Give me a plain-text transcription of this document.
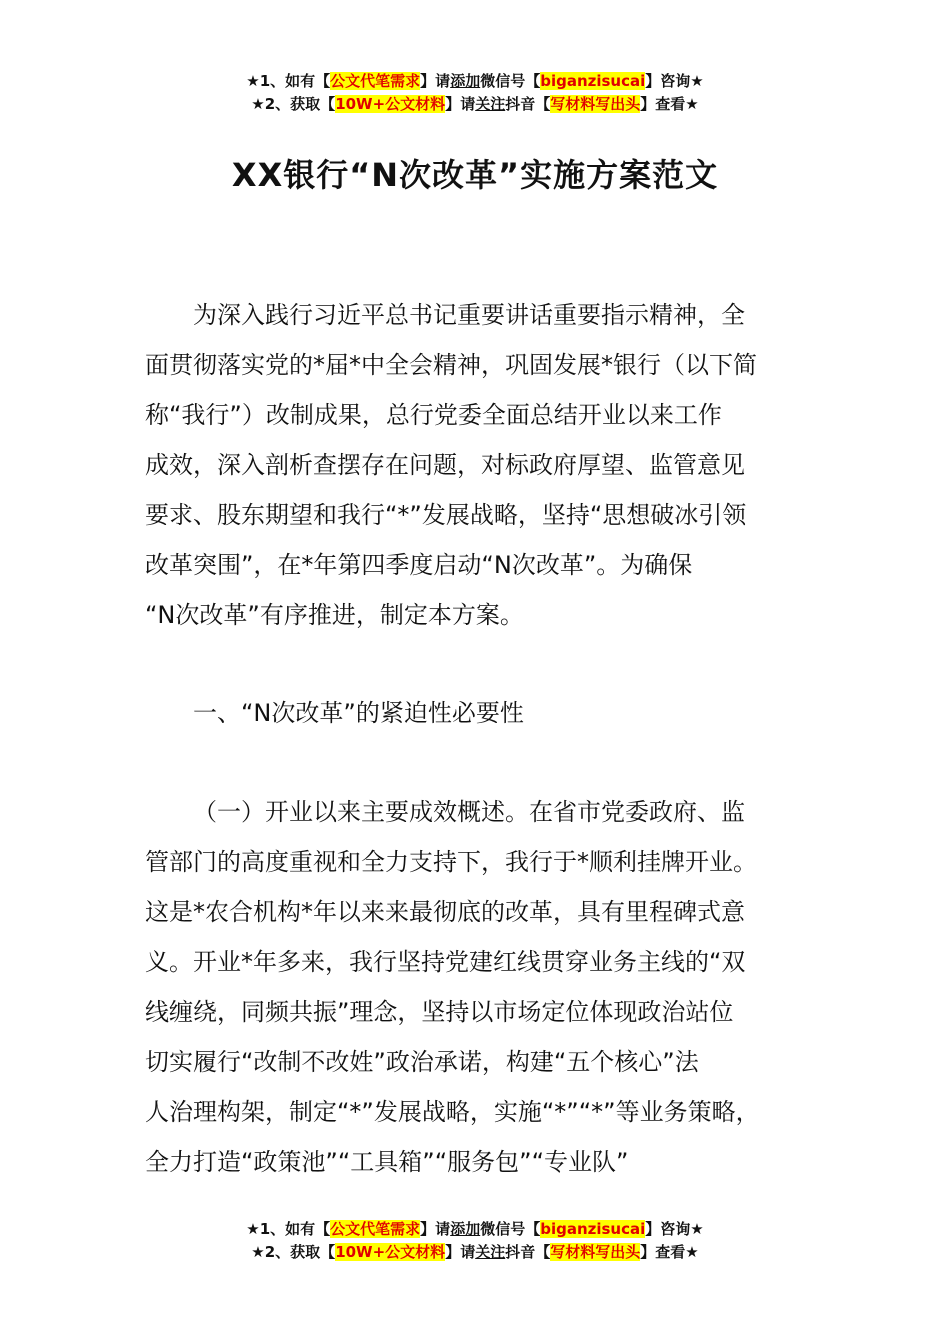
★1、如有【公文代笔需求】请添加微信号【biganzisucai】咨询★
★2、获取【10W+公文材料】请关注抖音【写材料写出头】查看★
XX银行“N次改革”实施方案范文
为深入践行习近平总书记重要讲话重要指示精神，全
面贯彻落实党的*届*中全会精神，巩固发展*银行（以下简
称“我行”）改制成果，总行党委全面总结开业以来工作
成效，深入剖析查摆存在问题，对标政府厚望、监管意见
要求、股东期望和我行“*”发展战略，坚持“思想破冰引领
改革突围”，在*年第四季度启动“N次改革”。为确保
“N次改革”有序推进，制定本方案。
一、“N次改革”的紧迫性必要性
（一）开业以来主要成效概述。在省市党委政府、监
管部门的高度重视和全力支持下，我行于*顺利挂牌开业。
这是*农合机构*年以来来最彻底的改革，具有里程碑式意
义。开业*年多来，我行坚持党建红线贯穿业务主线的“双
线缠绕，同频共振”理念，坚持以市场定位体现政治站位
切实履行“改制不改姓”政治承诺，构建“五个核心”法
人治理构架，制定“*”发展战略，实施“*”“*”等业务策略，
全力打造“政策池”“工具箱”“服务包”“专业队”
★1、如有【公文代笔需求】请添加微信号【biganzisucai】咨询★
★2、获取【10W+公文材料】请关注抖音【写材料写出头】查看★
